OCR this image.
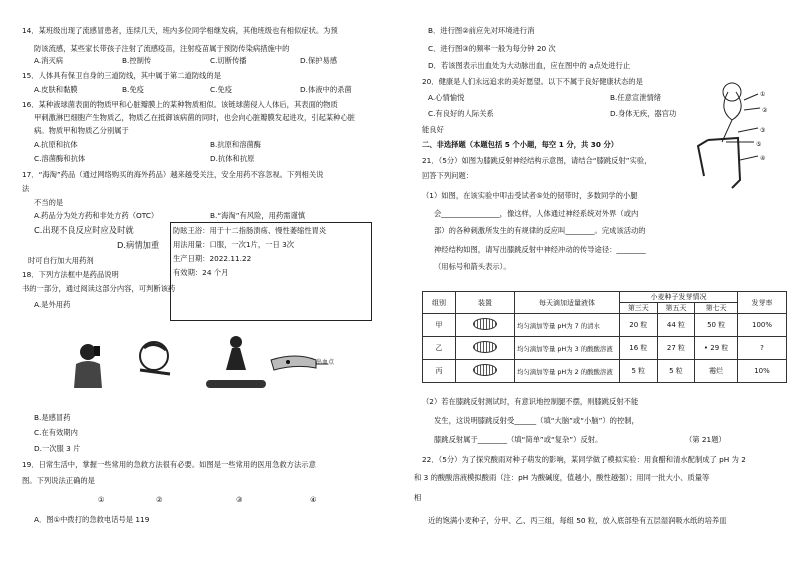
14．某班级出现了流感冒患者，连续几天，班内多位同学相继发病，其他班级也有相似症状。为预
防该流感，某些家长带孩子注射了流感疫苗，注射疫苗属于预防传染病措施中的
A.消灭病	B.控制传	C.切断传播	D.保护易感
15．人体具有保卫自身的三道防线，其中属于第二道防线的是
A.皮肤和黏膜	B.免疫	C.免疫	D.体液中的杀菌
16．某种液球菌表面的物质甲和心脏瓣膜上的某种物质相似。该链球菌侵入人体后，其表面的物质
甲刺激淋巴细胞产生物质乙，物质乙在抵御该病菌的同时，也会向心脏瓣膜发起进攻，引起某种心脏
病。物质甲和物质乙分别属于
A.抗原和抗体	B.抗原和溶菌酶
C.溶菌酶和抗体	D.抗体和抗原
17．“海淘”药品（通过网络购买的海外药品）越来越受关注，安全用药不容忽视。下列相关说
法
不当的是
A.药品分为处方药和非处方药（OTC）	B.“海淘”有风险，用药需谨慎
C.出现不良反应时应及时就
D.病情加重
时可自行加大用药剂
防眩王浴：用于十二指肠溃疡、慢性萎缩性胃炎
用法用量：口服，一次1片，一日 3次
生产日期：2022.11.22
有效期：24 个月
18．下列方法框中是药品说明
书的一部分，通过阅读这部分内容，可判断该药
A.是外用药
出血点
B.是感冒药
C.在有效期内
D.一次服 3 片
19．日常生活中，掌握一些常用的急救方法很有必要。如图是一些常用的医用急救方法示意
图。下列说法正确的是
①	②	③	④
A．图①中拨打的急救电话号是 119
B．进行图②前应先对环境进行消
C．进行图③的频率一般为每分钟 20 次
D．若该图表示出血处为大动脉出血，应在图中的 a点处进行止
20．健康是人们永远追求的美好愿望。以下不属于良好健康状态的是
A.心情愉悦	B.任意宣泄情绪
C.有良好的人际关系	D.身体无疾，器官功
能良好
二、非选择题（本题包括 5 个小题，每空 1 分，共 30 分）
21．（5分）如图为膝跳反射神经结构示意图，请结合“膝跳反射”实验，
回答下列问题：
（1）如图，在该实验中叩击受试者⑤处的韧带时，多数同学的小腿
会________________，像这样，人体通过神经系统对外界（或内
部）的各种刺激所发生的有规律的反应叫________。完成该活动的
神经结构如图，请写出膝跳反射中神经冲动的传导途径：________
（用标号和箭头表示）。
①
②
③
④
⑤
组别	装置	每天滴加适量液体	小麦种子发芽情况			发芽率
			第三天	第五天	第七天	
甲		均匀滴加等量 pH为 7 的清水	20 粒	44 粒	50 粒	100%
乙		均匀滴加等量 pH为 3 的酸酸溶液	16 粒	27 粒	• 29 粒	?
丙		均匀滴加等量 pH为 2 的酸酸溶液	5 粒	5 粒	霉烂	10%
（2）若在膝跳反射测试时，有意识地控制腿不摆，则膝跳反射不能
发生，这说明膝跳反射受______（填“大脑”或“小脑”）的控制，
膝跳反射属于________（填“简单”或“复杂”）反射。	（第 21题）
22．（5分）为了探究酸雨对种子萌发的影响，某同学做了模拟实验：用食醋和清水配制成了 pH 为 2
和 3 的酸酸溶液模拟酸雨（注：pH 为酸碱度，值越小，酸性越强）；用同一批大小、质量等
相
近的饱满小麦种子，分甲、乙、丙三组，每组 50 粒，放入底部垫有五层湿润吸水纸的培养皿
